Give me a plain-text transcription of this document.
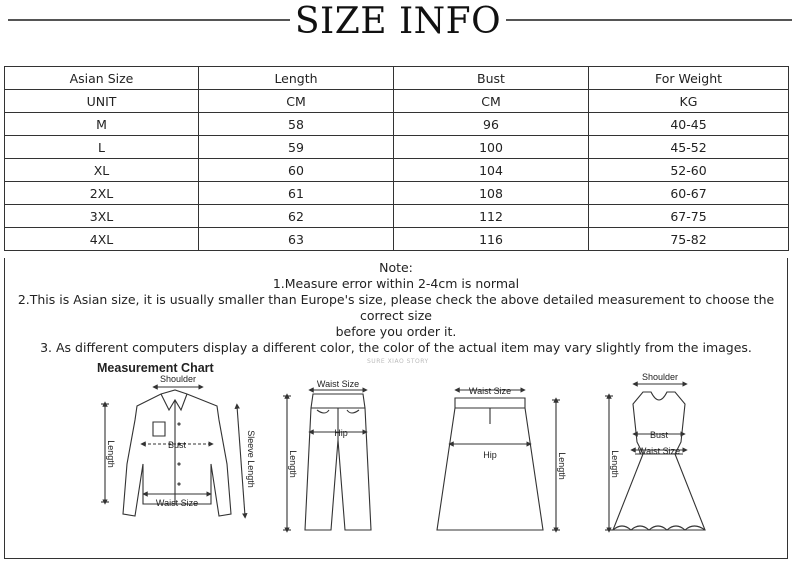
SIZE INFO
Asian Size	Length	Bust	For Weight
UNIT	CM	CM	KG
M	58	96	40-45
L	59	100	45-52
XL	60	104	52-60
2XL	61	108	60-67
3XL	62	112	67-75
4XL	63	116	75-82
Note:
1.Measure error within 2-4cm is normal
2.This is Asian size, it is usually smaller than Europe's size, please check the above detailed measurement to choose the correct size
before you order it.
3. As different computers display a different color, the color of the actual item may vary slightly from the images.
Measurement Chart	SURE XIAO STORY
Shoulder
Bust
Waist Size
Length	Sleeve Length
Waist Size
Hip
Length
Waist Size
Hip	Length
Shoulder
Bust
Waist Size
Length
